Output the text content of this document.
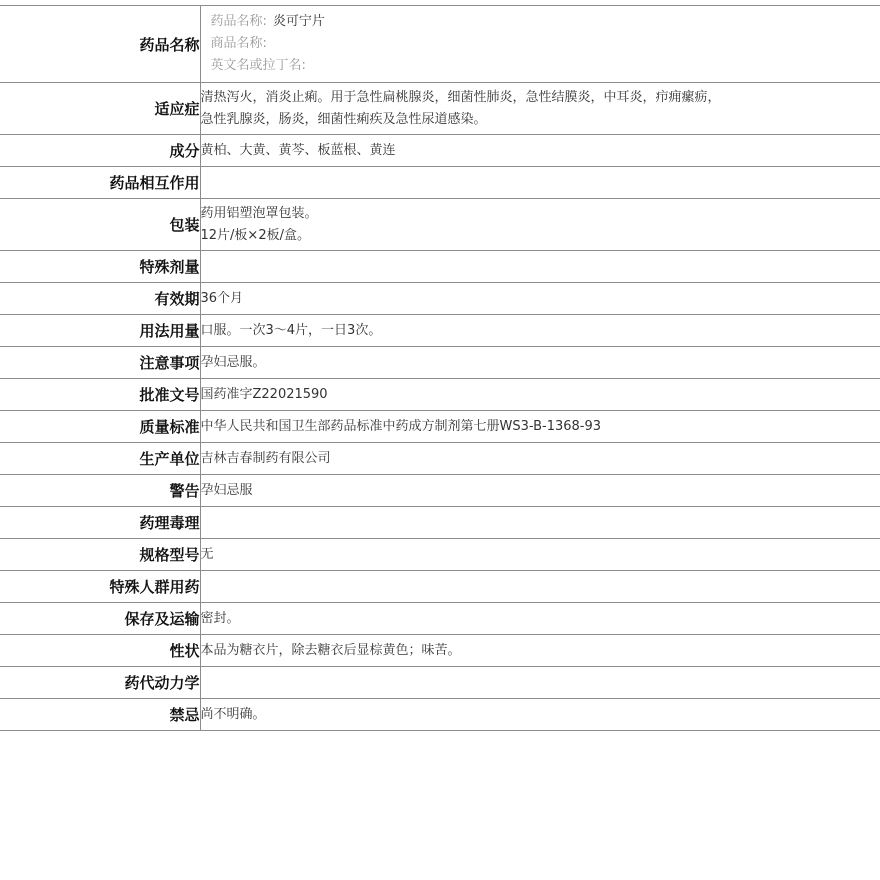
药品名称	药品名称: 炎可宁片
商品名称:
英文名或拉丁名:

适应症	清热泻火，消炎止痢。用于急性扁桃腺炎，细菌性肺炎，急性结膜炎，中耳炎，疖痈瘰疬，
急性乳腺炎，肠炎，细菌性痢疾及急性尿道感染。

成分	黄柏、大黄、黄芩、板蓝根、黄连
药品相互作用	
包装	药用铝塑泡罩包装。
12片/板×2板/盒。

特殊剂量	
有效期	36个月
用法用量	口服。一次3～4片，一日3次。
注意事项	孕妇忌服。
批准文号	国药准字Z22021590
质量标准	中华人民共和国卫生部药品标准中药成方制剂第七册WS3-B-1368-93
生产单位	吉林吉春制药有限公司
警告	孕妇忌服
药理毒理	
规格型号	无
特殊人群用药	
保存及运输	密封。
性状	本品为糖衣片，除去糖衣后显棕黄色；味苦。
药代动力学	
禁忌	尚不明确。
